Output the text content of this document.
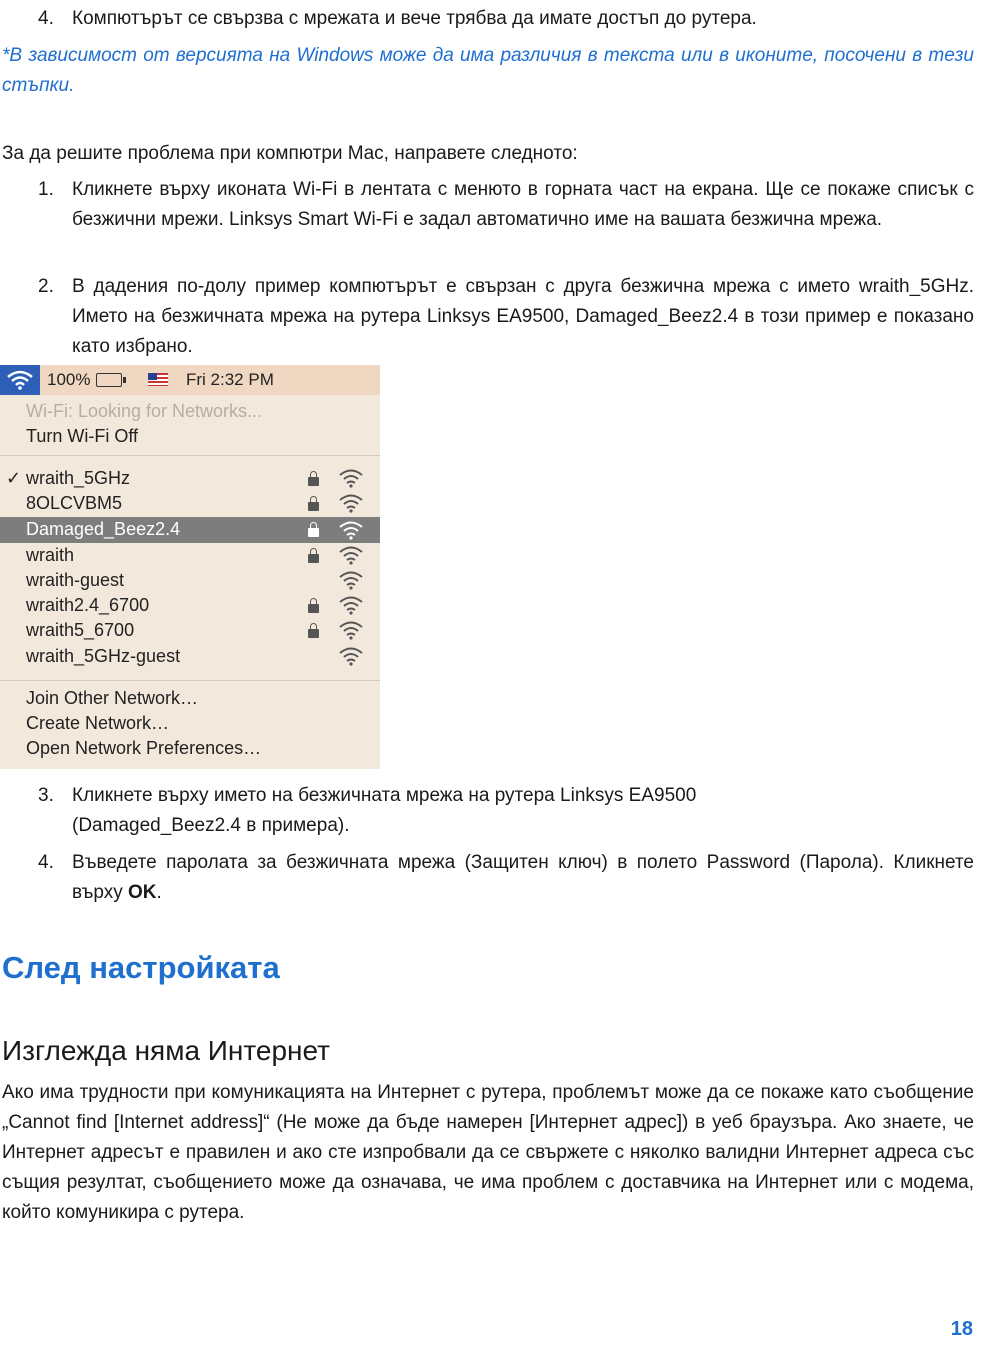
4. Компютърът се свързва с мрежата и вече трябва да имате достъп до рутера.

*В зависимост от версията на Windows може да има различия в текста или в иконите, посочени в тези стъпки.

За да решите проблема при компютри Mac, направете следното:

1. Кликнете върху иконата Wi-Fi в лентата с менюто в горната част на екрана. Ще се покаже списък с безжични мрежи. Linksys Smart Wi-Fi е задал автоматично име на вашата безжична мрежа.

2. В дадения по-долу пример компютърът е свързан с друга безжична мрежа с името wraith_5GHz. Името на безжичната мрежа на рутера Linksys EA9500, Damaged_Beez2.4 в този пример е показано като избрано.

100%	Fri 2:32 PM
Wi-Fi: Looking for Networks...
Turn Wi-Fi Off
✓ wraith_5GHz
8OLCVBM5
Damaged_Beez2.4
wraith
wraith-guest
wraith2.4_6700
wraith5_6700
wraith_5GHz-guest
Join Other Network…
Create Network…
Open Network Preferences…
3. Кликнете върху името на безжичната мрежа на рутера Linksys EA9500
(Damaged_Beez2.4 в примера).

4. Въведете паролата за безжичната мрежа (Защитен ключ) в полето Password (Парола). Кликнете върху OK.

След настройката
Изглежда няма Интернет

Ако има трудности при комуникацията на Интернет с рутера, проблемът може да се покаже като съобщение „Cannot find [Internet address]“ (Не може да бъде намерен [Интернет адрес]) в уеб браузъра. Ако знаете, че Интернет адресът е правилен и ако сте изпробвали да се свържете с няколко валидни Интернет адреса със същия резултат, съобщението може да означава, че има проблем с доставчика на Интернет или с модема, който комуникира с рутера.

18
